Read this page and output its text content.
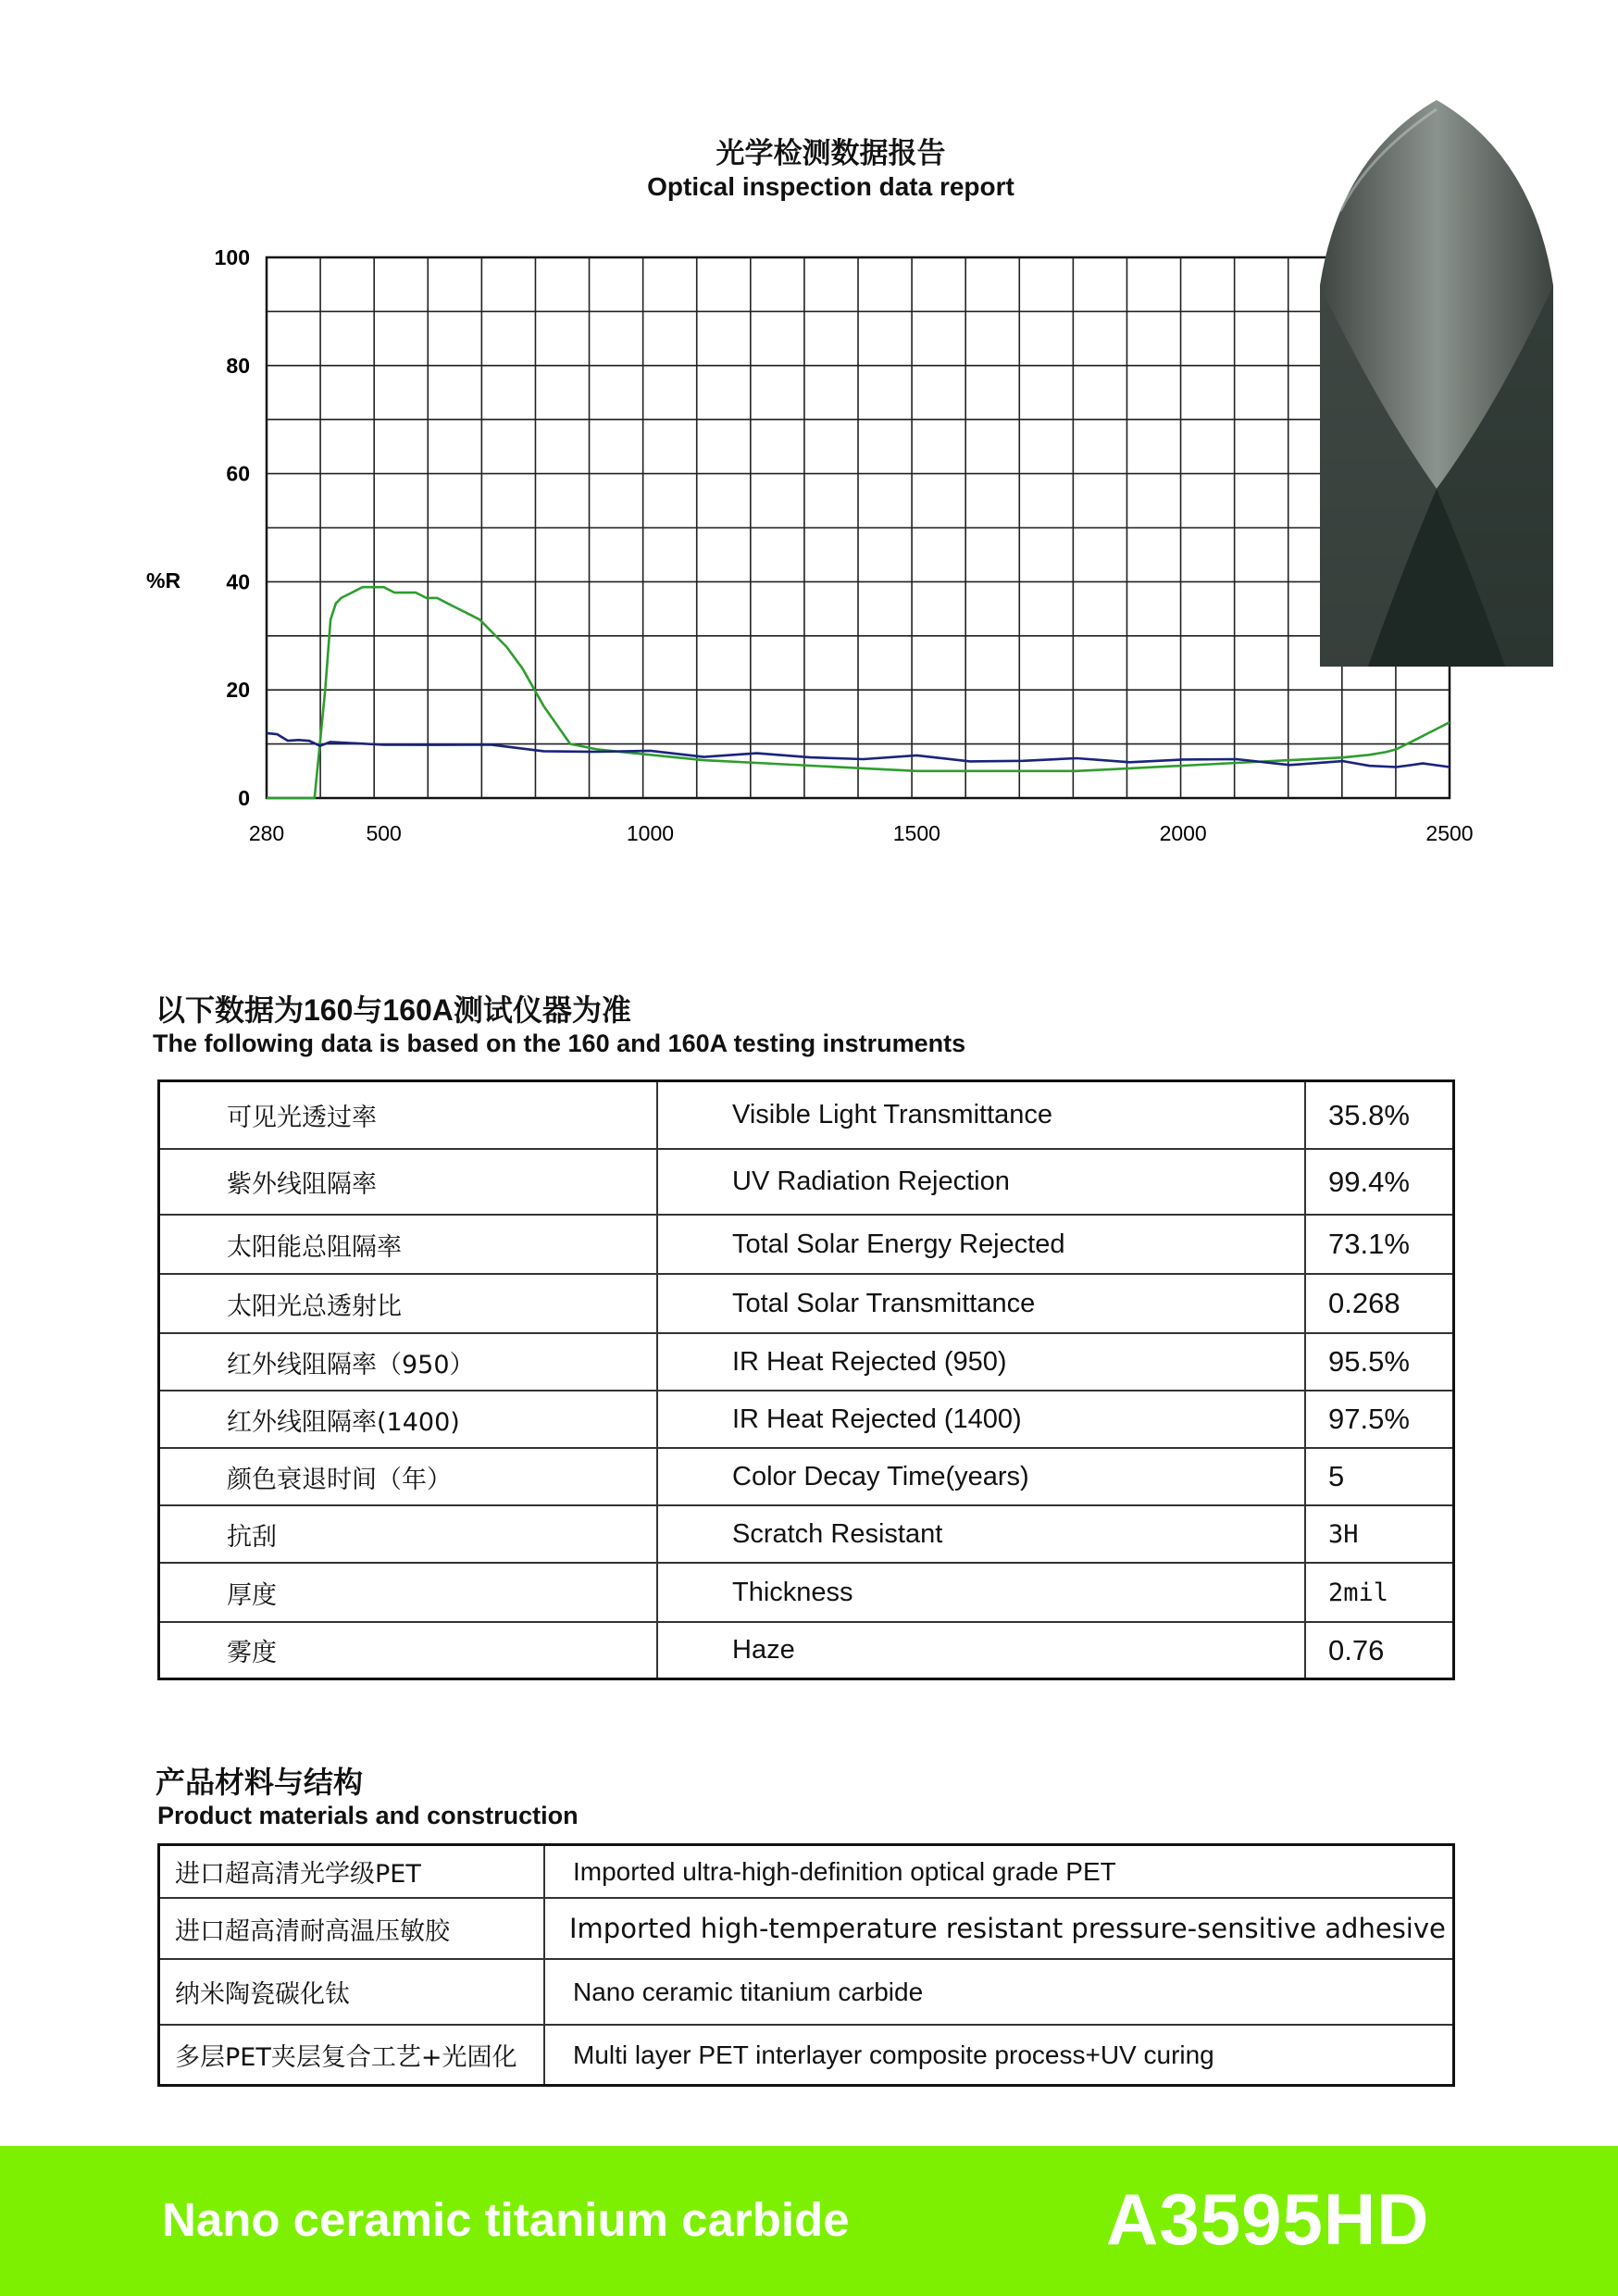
光学检测数据报告
Optical inspection data report
0
20
40
60
80
100
280	500	1000	1500	2000	2500
%R
以下数据为160与160A测试仪器为准
The following data is based on the 160 and 160A testing instruments
可见光透过率	Visible Light Transmittance	35.8%
紫外线阻隔率	UV Radiation Rejection	99.4%
太阳能总阻隔率	Total Solar Energy Rejected	73.1%
太阳光总透射比	Total Solar Transmittance	0.268
红外线阻隔率（950）	IR Heat Rejected (950)	95.5%
红外线阻隔率(1400)	IR Heat Rejected (1400)	97.5%
颜色衰退时间（年）	Color Decay Time(years)	5
抗刮	Scratch Resistant	3H
厚度	Thickness	2mil
雾度	Haze	0.76
产品材料与结构
Product materials and construction
进口超高清光学级PET	Imported ultra-high-definition optical grade PET
进口超高清耐高温压敏胶	Imported high-temperature resistant pressure-sensitive adhesive
纳米陶瓷碳化钛	Nano ceramic titanium carbide
多层PET夹层复合工艺+光固化	Multi layer PET interlayer composite process+UV curing
Nano ceramic titanium carbide	A3595HD
